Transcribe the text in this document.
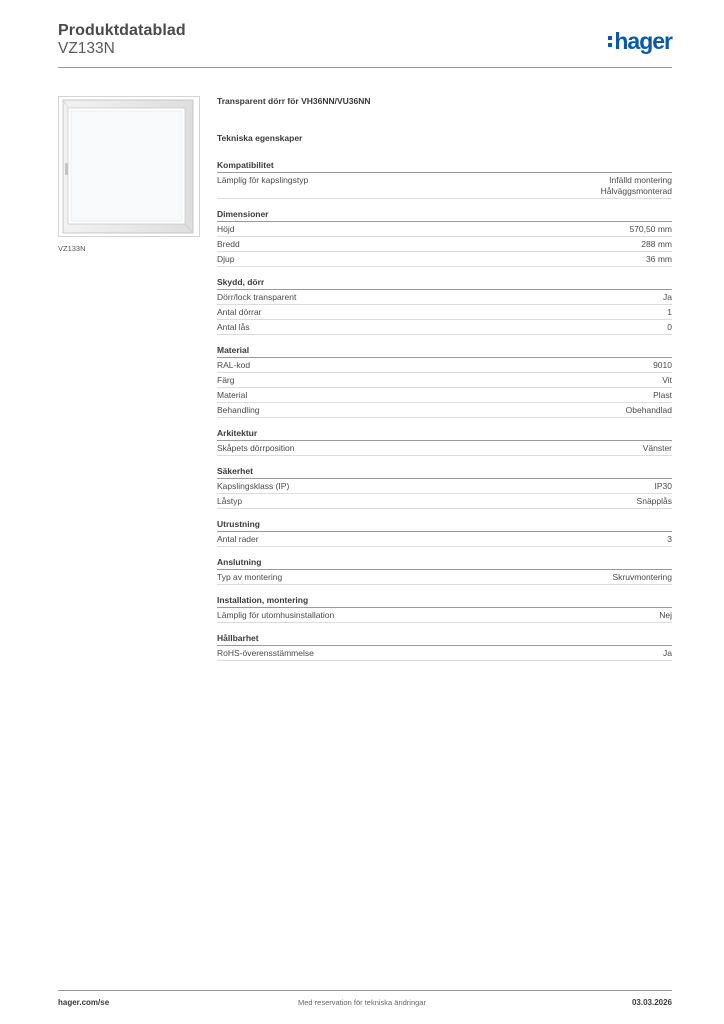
Produktdatablad
VZ133N	hager
VZ133N
Transparent dörr för VH36NN/VU36NN
Tekniska egenskaper
Kompatibilitet
Lämplig för kapslingstyp	Infälld montering
Hålväggsmonterad
Dimensioner
Höjd	570,50 mm
Bredd	288 mm
Djup	36 mm
Skydd, dörr
Dörr/lock transparent	Ja
Antal dörrar	1
Antal lås	0
Material
RAL-kod	9010
Färg	Vit
Material	Plast
Behandling	Obehandlad
Arkitektur
Skåpets dörrposition	Vänster
Säkerhet
Kapslingsklass (IP)	IP30
Låstyp	Snäpplås
Utrustning
Antal rader	3
Anslutning
Typ av montering	Skruvmontering
Installation, montering
Lämplig för utomhusinstallation	Nej
Hållbarhet
RoHS-överensstämmelse	Ja
hager.com/se	Med reservation för tekniska ändringar	03.03.2026
